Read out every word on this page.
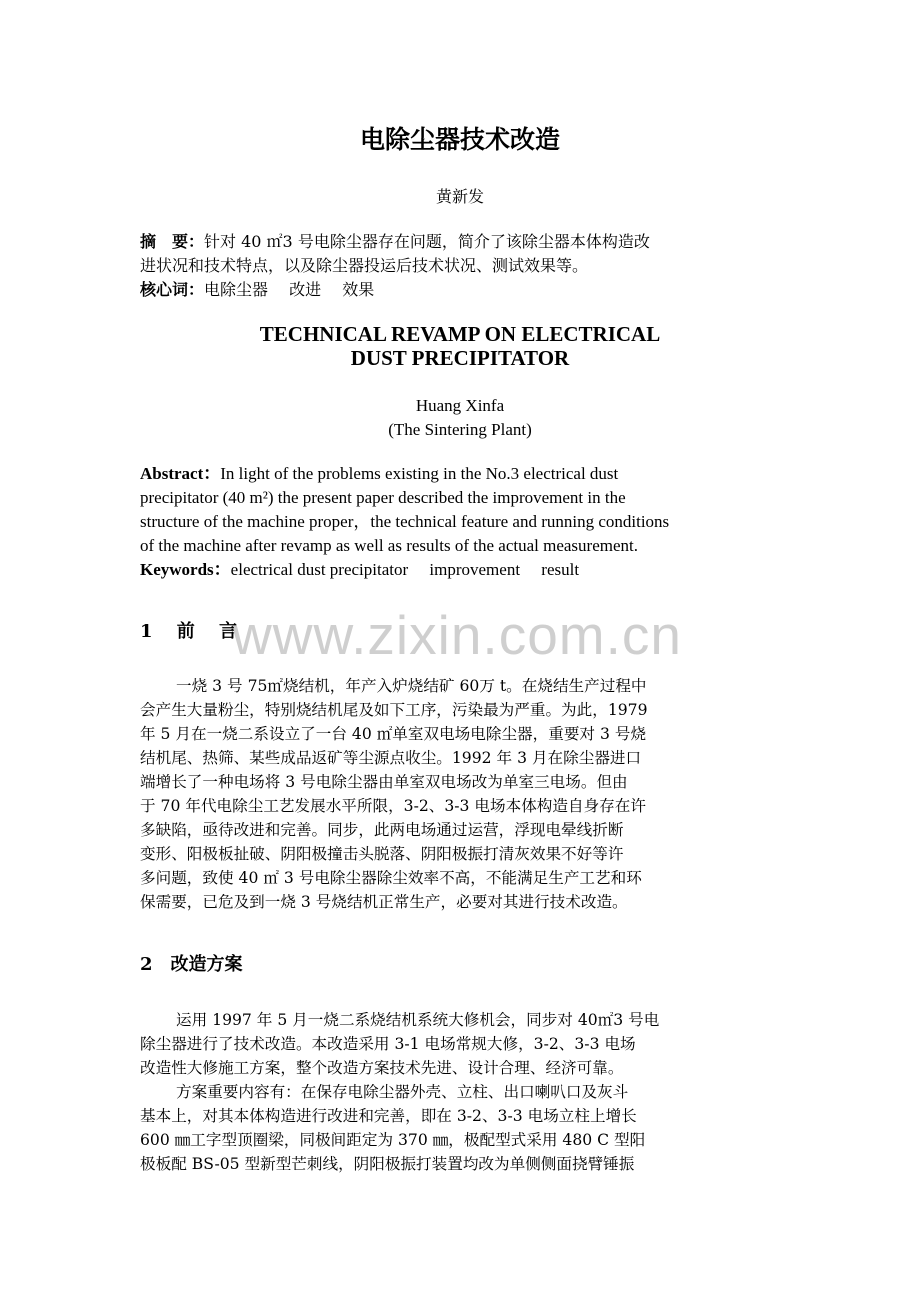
电除尘器技术改造
黄新发
摘　要：针对 40 ㎡3 号电除尘器存在问题，简介了该除尘器本体构造改
进状况和技术特点，以及除尘器投运后技术状况、测试效果等。
核心词：电除尘器　 改进　 效果
TECHNICAL REVAMP ON ELECTRICAL
DUST PRECIPITATOR
Huang Xinfa
(The Sintering Plant)
Abstract：In light of the problems existing in the No.3 electrical dust
precipitator (40 m²) the present paper described the improvement in the
structure of the machine proper，the technical feature and running conditions
of the machine after revamp as well as results of the actual measurement.
Keywords：electrical dust precipitator　 improvement　 result
www.zixin.com.cn
1　 前　 言
一烧 3 号 75㎡烧结机，年产入炉烧结矿 60万 t。在烧结生产过程中
会产生大量粉尘，特别烧结机尾及如下工序，污染最为严重。为此，1979
年 5 月在一烧二系设立了一台 40 ㎡单室双电场电除尘器，重要对 3 号烧
结机尾、热筛、某些成品返矿等尘源点收尘。1992 年 3 月在除尘器进口
端增长了一种电场将 3 号电除尘器由单室双电场改为单室三电场。但由
于 70 年代电除尘工艺发展水平所限，3-2、3-3 电场本体构造自身存在许
多缺陷，亟待改进和完善。同步，此两电场通过运营，浮现电晕线折断
变形、阳极板扯破、阴阳极撞击头脱落、阴阳极振打清灰效果不好等许
多问题，致使 40 ㎡ 3 号电除尘器除尘效率不高，不能满足生产工艺和环
保需要，已危及到一烧 3 号烧结机正常生产，必要对其进行技术改造。
2　改造方案
运用 1997 年 5 月一烧二系烧结机系统大修机会，同步对 40㎡3 号电
除尘器进行了技术改造。本改造采用 3-1 电场常规大修，3-2、3-3 电场
改造性大修施工方案，整个改造方案技术先进、设计合理、经济可靠。
方案重要内容有：在保存电除尘器外壳、立柱、出口喇叭口及灰斗
基本上，对其本体构造进行改进和完善，即在 3-2、3-3 电场立柱上增长
600 ㎜工字型顶圈梁，同极间距定为 370 ㎜，极配型式采用 480 C 型阳
极板配 BS-05 型新型芒刺线，阴阳极振打装置均改为单侧侧面挠臂锤振
